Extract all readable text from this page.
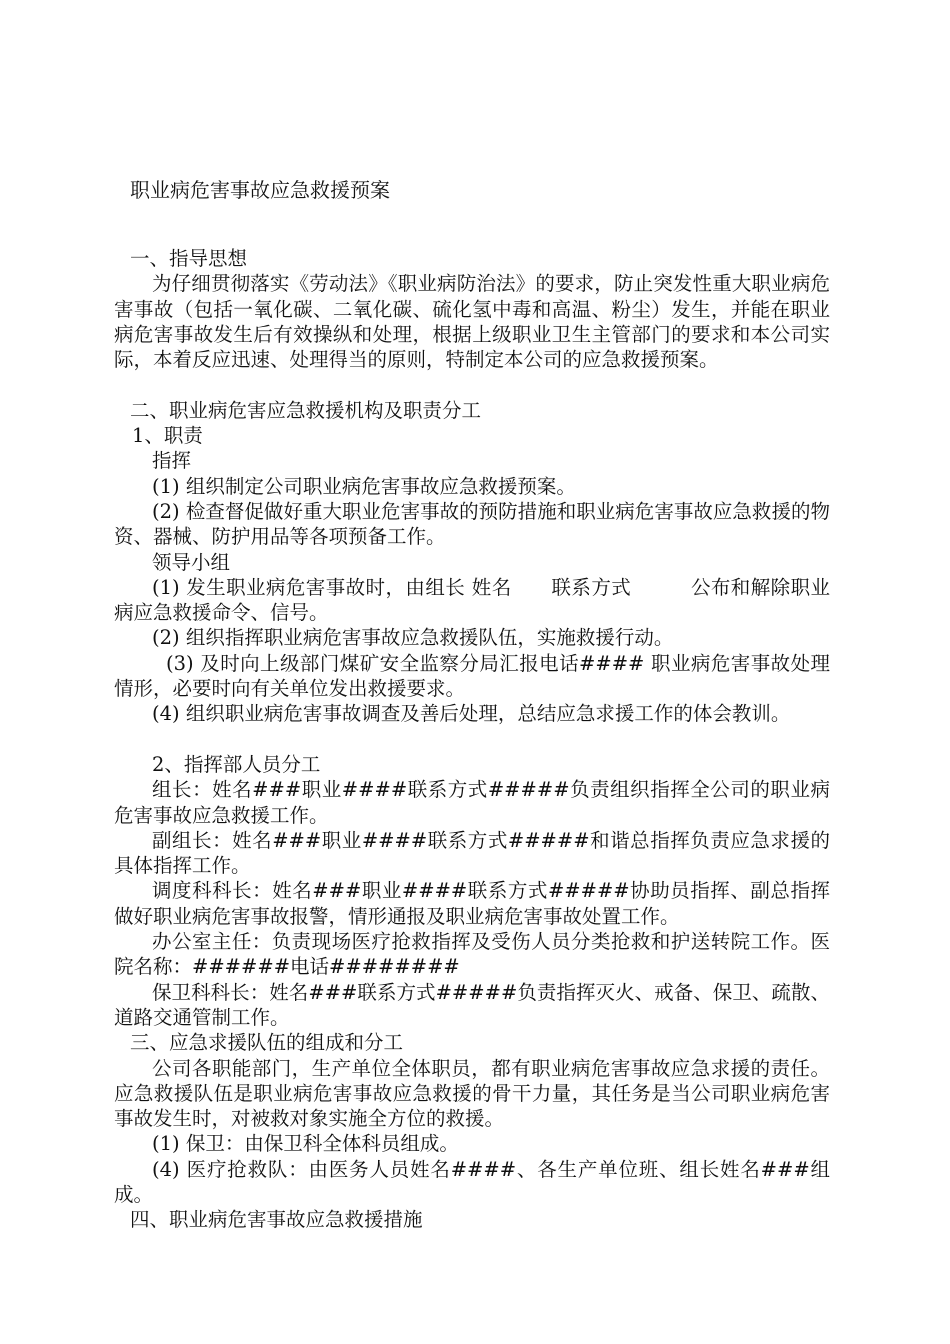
职业病危害事故应急救援预案
一、指导思想
为仔细贯彻落实《劳动法》《职业病防治法》的要求，防止突发性重大职业病危害事故（包括一氧化碳、二氧化碳、硫化氢中毒和高温、粉尘）发生，并能在职业病危害事故发生后有效操纵和处理，根据上级职业卫生主管部门的要求和本公司实际，本着反应迅速、处理得当的原则，特制定本公司的应急救援预案。
二、职业病危害应急救援机构及职责分工
1、职责
指挥
(1) 组织制定公司职业病危害事故应急救援预案。
(2) 检查督促做好重大职业危害事故的预防措施和职业病危害事故应急救援的物资、器械、防护用品等各项预备工作。
领导小组
(1) 发生职业病危害事故时，由组长 姓名　　联系方式　　　公布和解除职业病应急救援命令、信号。
(2) 组织指挥职业病危害事故应急救援队伍，实施救援行动。
(3) 及时向上级部门煤矿安全监察分局汇报电话#### 职业病危害事故处理情形，必要时向有关单位发出救援要求。
(4) 组织职业病危害事故调查及善后处理，总结应急求援工作的体会教训。
2、指挥部人员分工
组长：姓名###职业####联系方式#####负责组织指挥全公司的职业病危害事故应急救援工作。
副组长：姓名###职业####联系方式#####和谐总指挥负责应急求援的具体指挥工作。
调度科科长：姓名###职业####联系方式#####协助员指挥、副总指挥做好职业病危害事故报警，情形通报及职业病危害事故处置工作。
办公室主任：负责现场医疗抢救指挥及受伤人员分类抢救和护送转院工作。医院名称：######电话########
保卫科科长：姓名###联系方式#####负责指挥灭火、戒备、保卫、疏散、道路交通管制工作。
三、应急求援队伍的组成和分工
公司各职能部门，生产单位全体职员，都有职业病危害事故应急求援的责任。应急救援队伍是职业病危害事故应急救援的骨干力量，其任务是当公司职业病危害事故发生时，对被救对象实施全方位的救援。
(1) 保卫：由保卫科全体科员组成。
(4) 医疗抢救队：由医务人员姓名####、各生产单位班、组长姓名###组成。
四、职业病危害事故应急救援措施
